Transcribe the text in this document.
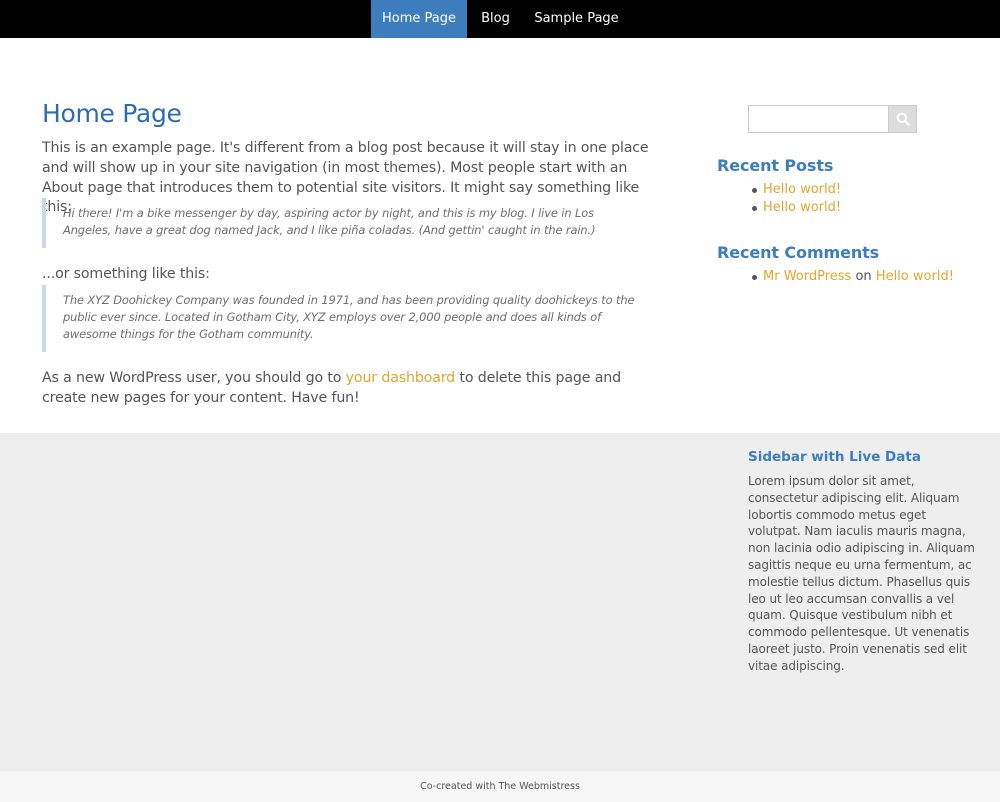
Home Page	Blog	Sample Page
Home Page

This is an example page. It's different from a blog post because it will stay in one place and will show up in your site navigation (in most themes). Most people start with an About page that introduces them to potential site visitors. It might say something like this:

Hi there! I'm a bike messenger by day, aspiring actor by night, and this is my blog. I live in Los Angeles, have a great dog named Jack, and I like piña coladas. (And gettin' caught in the rain.)

...or something like this:

The XYZ Doohickey Company was founded in 1971, and has been providing quality doohickeys to the public ever since. Located in Gotham City, XYZ employs over 2,000 people and does all kinds of awesome things for the Gotham community.

As a new WordPress user, you should go to your dashboard to delete this page and create new pages for your content. Have fun!

Recent Posts
Hello world!
Hello world!
Recent Comments
Mr WordPress on Hello world!
Sidebar with Live Data
Lorem ipsum dolor sit amet, consectetur adipiscing elit. Aliquam lobortis commodo metus eget volutpat. Nam iaculis mauris magna, non lacinia odio adipiscing in. Aliquam sagittis neque eu urna fermentum, ac molestie tellus dictum. Phasellus quis leo ut leo accumsan convallis a vel quam. Quisque vestibulum nibh et commodo pellentesque. Ut venenatis laoreet justo. Proin venenatis sed elit vitae adipiscing.
Co-created with The Webmistress
